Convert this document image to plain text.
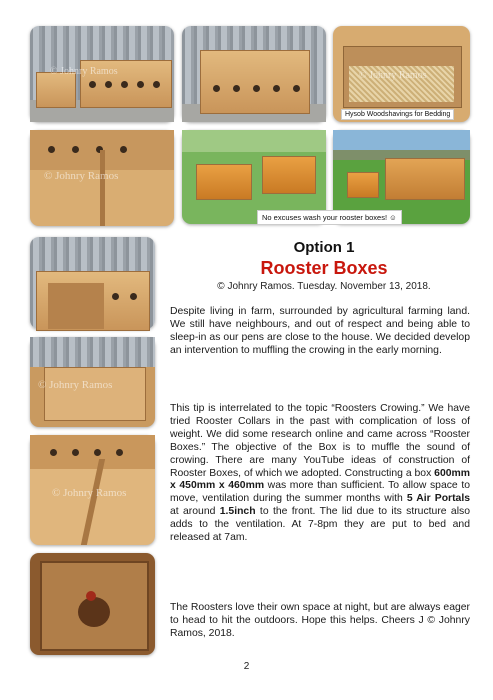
© Johnry Ramos	© Johnry Ramos
Hysob Woodshavings for Bedding
© Johnry Ramos
No excuses wash your rooster boxes! ☺
© Johnry Ramos
© Johnry Ramos
Option 1
Rooster Boxes
© Johnry Ramos. Tuesday. November 13, 2018.

Despite living in farm, surrounded by agricultural farming land. We still have neighbours, and out of respect and being able to sleep-in as our pens are close to the house. We decided develop an intervention to muffling the crowing in the early morning.

This tip is interrelated to the topic “Roosters Crowing.” We have tried Rooster Collars in the past with complication of loss of weight. We did some research online and came across “Rooster Boxes.” The objective of the Box is to muffle the sound of crowing. There are many YouTube ideas of construction of Rooster Boxes, of which we adopted. Constructing a box 600mm x 450mm x 460mm was more than sufficient. To allow space to move, ventilation during the summer months with 5 Air Portals at around 1.5inch to the front. The lid due to its structure also adds to the ventilation. At 7-8pm they are put to bed and released at 7am.

The Roosters love their own space at night, but are always eager to head to hit the outdoors. Hope this helps. Cheers J © Johnry Ramos, 2018.

2
